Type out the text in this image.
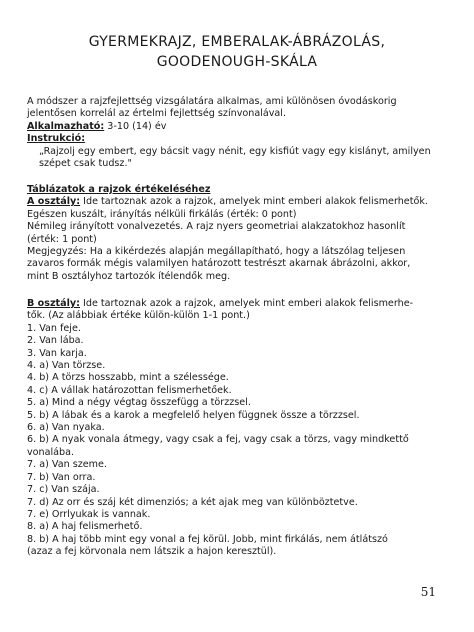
GYERMEKRAJZ, EMBERALAK-ÁBRÁZOLÁS,
GOODENOUGH-SKÁLA
A módszer a rajzfejlettség vizsgálatára alkalmas, ami különösen óvodáskorig
jelentősen korrelál az értelmi fejlettség színvonalával.
Alkalmazható: 3-10 (14) év
Instrukció:
„Rajzolj egy embert, egy bácsit vagy nénit, egy kisfiút vagy egy kislányt, amilyen
szépet csak tudsz."
Táblázatok a rajzok értékeléséhez
A osztály: Ide tartoznak azok a rajzok, amelyek mint emberi alakok felismerhetők.
Egészen kuszált, irányítás nélküli firkálás (érték: 0 pont)
Némileg irányított vonalvezetés. A rajz nyers geometriai alakzatokhoz hasonlít
(érték: 1 pont)
Megjegyzés: Ha a kikérdezés alapján megállapítható, hogy a látszólag teljesen
zavaros formák mégis valamilyen határozott testrészt akarnak ábrázolni, akkor,
mint B osztályhoz tartozók ítélendők meg.
B osztály: Ide tartoznak azok a rajzok, amelyek mint emberi alakok felismerhe-
tők. (Az alábbiak értéke külön-külön 1-1 pont.)
1. Van feje.
2. Van lába.
3. Van karja.
4. a) Van törzse.
4. b) A törzs hosszabb, mint a szélessége.
4. c) A vállak határozottan felismerhetőek.
5. a) Mind a négy végtag összefügg a törzzsel.
5. b) A lábak és a karok a megfelelő helyen függnek össze a törzzsel.
6. a) Van nyaka.
6. b) A nyak vonala átmegy, vagy csak a fej, vagy csak a törzs, vagy mindkettő
vonalába.
7. a) Van szeme.
7. b) Van orra.
7. c) Van szája.
7. d) Az orr és száj két dimenziós; a két ajak meg van különböztetve.
7. e) Orrlyukak is vannak.
8. a) A haj felismerhető.
8. b) A haj több mint egy vonal a fej körül. Jobb, mint firkálás, nem átlátszó
(azaz a fej körvonala nem látszik a hajon keresztül).
51
